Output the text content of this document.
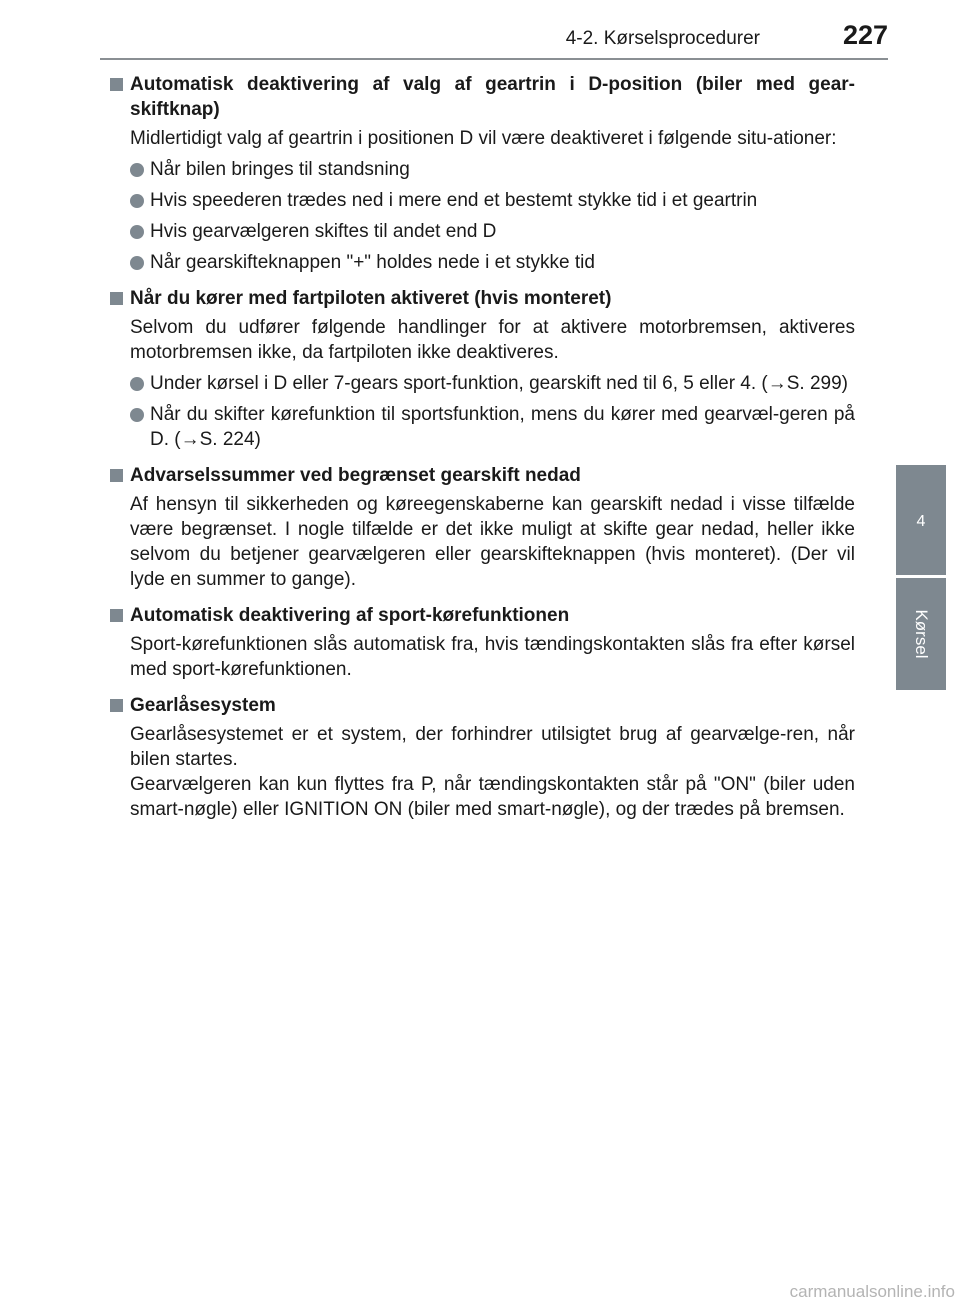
4-2. Kørselsprocedurer	227
4
Kørsel
Automatisk deaktivering af valg af geartrin i D-position (biler med gear-skiftknap)

Midlertidigt valg af geartrin i positionen D vil være deaktiveret i følgende situ-ationer:

Når bilen bringes til standsning
Hvis speederen trædes ned i mere end et bestemt stykke tid i et geartrin
Hvis gearvælgeren skiftes til andet end D
Når gearskifteknappen "+" holdes nede i et stykke tid
Når du kører med fartpiloten aktiveret (hvis monteret)

Selvom du udfører følgende handlinger for at aktivere motorbremsen, aktiveres motorbremsen ikke, da fartpiloten ikke deaktiveres.

Under kørsel i D eller 7-gears sport-funktion, gearskift ned til 6, 5 eller 4. (→S. 299)
Når du skifter kørefunktion til sportsfunktion, mens du kører med gearvæl-geren på D. (→S. 224)
Advarselssummer ved begrænset gearskift nedad

Af hensyn til sikkerheden og køreegenskaberne kan gearskift nedad i visse tilfælde være begrænset. I nogle tilfælde er det ikke muligt at skifte gear nedad, heller ikke selvom du betjener gearvælgeren eller gearskifteknappen (hvis monteret). (Der vil lyde en summer to gange).

Automatisk deaktivering af sport-kørefunktionen

Sport-kørefunktionen slås automatisk fra, hvis tændingskontakten slås fra efter kørsel med sport-kørefunktionen.

Gearlåsesystem

Gearlåsesystemet er et system, der forhindrer utilsigtet brug af gearvælge-ren, når bilen startes.

Gearvælgeren kan kun flyttes fra P, når tændingskontakten står på "ON" (biler uden smart-nøgle) eller IGNITION ON (biler med smart-nøgle), og der trædes på bremsen.

carmanualsonline.info
